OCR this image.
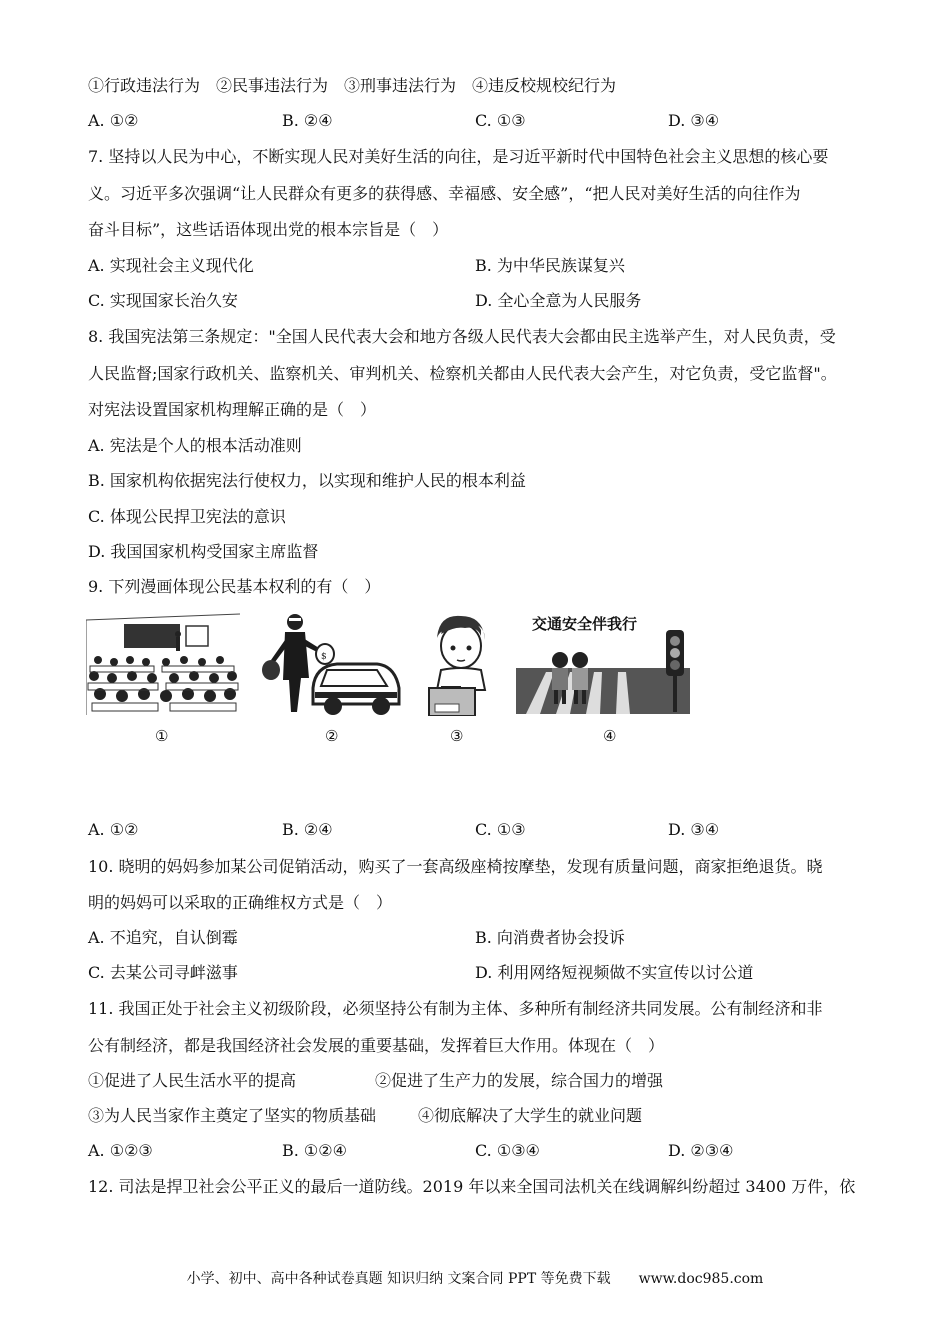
①行政违法行为　②民事违法行为　③刑事违法行为　④违反校规校纪行为
A. ①②	B. ②④	C. ①③	D. ③④
7. 坚持以人民为中心，不断实现人民对美好生活的向往，是习近平新时代中国特色社会主义思想的核心要
义。习近平多次强调“让人民群众有更多的获得感、幸福感、安全感”，“把人民对美好生活的向往作为
奋斗目标”，这些话语体现出党的根本宗旨是（　）
A. 实现社会主义现代化	B. 为中华民族谋复兴
C. 实现国家长治久安	D. 全心全意为人民服务
8. 我国宪法第三条规定："全国人民代表大会和地方各级人民代表大会都由民主选举产生，对人民负责，受
人民监督;国家行政机关、监察机关、审判机关、检察机关都由人民代表大会产生，对它负责，受它监督"。
对宪法设置国家机构理解正确的是（　）
A. 宪法是个人的根本活动准则
B. 国家机构依据宪法行使权力，以实现和维护人民的根本利益
C. 体现公民捍卫宪法的意识
D. 我国国家机构受国家主席监督
9. 下列漫画体现公民基本权利的有（　）
①
$
②	③
交通安全伴我行
④
A. ①②	B. ②④	C. ①③	D. ③④
10. 晓明的妈妈参加某公司促销活动，购买了一套高级座椅按摩垫，发现有质量问题，商家拒绝退货。晓
明的妈妈可以采取的正确维权方式是（　）
A. 不追究，自认倒霉	B. 向消费者协会投诉
C. 去某公司寻衅滋事	D. 利用网络短视频做不实宣传以讨公道
11. 我国正处于社会主义初级阶段，必须坚持公有制为主体、多种所有制经济共同发展。公有制经济和非
公有制经济，都是我国经济社会发展的重要基础，发挥着巨大作用。体现在（　）
①促进了人民生活水平的提高	②促进了生产力的发展，综合国力的增强
③为人民当家作主奠定了坚实的物质基础	④彻底解决了大学生的就业问题
A. ①②③	B. ①②④	C. ①③④	D. ②③④
12. 司法是捍卫社会公平正义的最后一道防线。2019 年以来全国司法机关在线调解纠纷超过 3400 万件，依
小学、初中、高中各种试卷真题 知识归纳 文案合同 PPT 等免费下载　　www.doc985.com
